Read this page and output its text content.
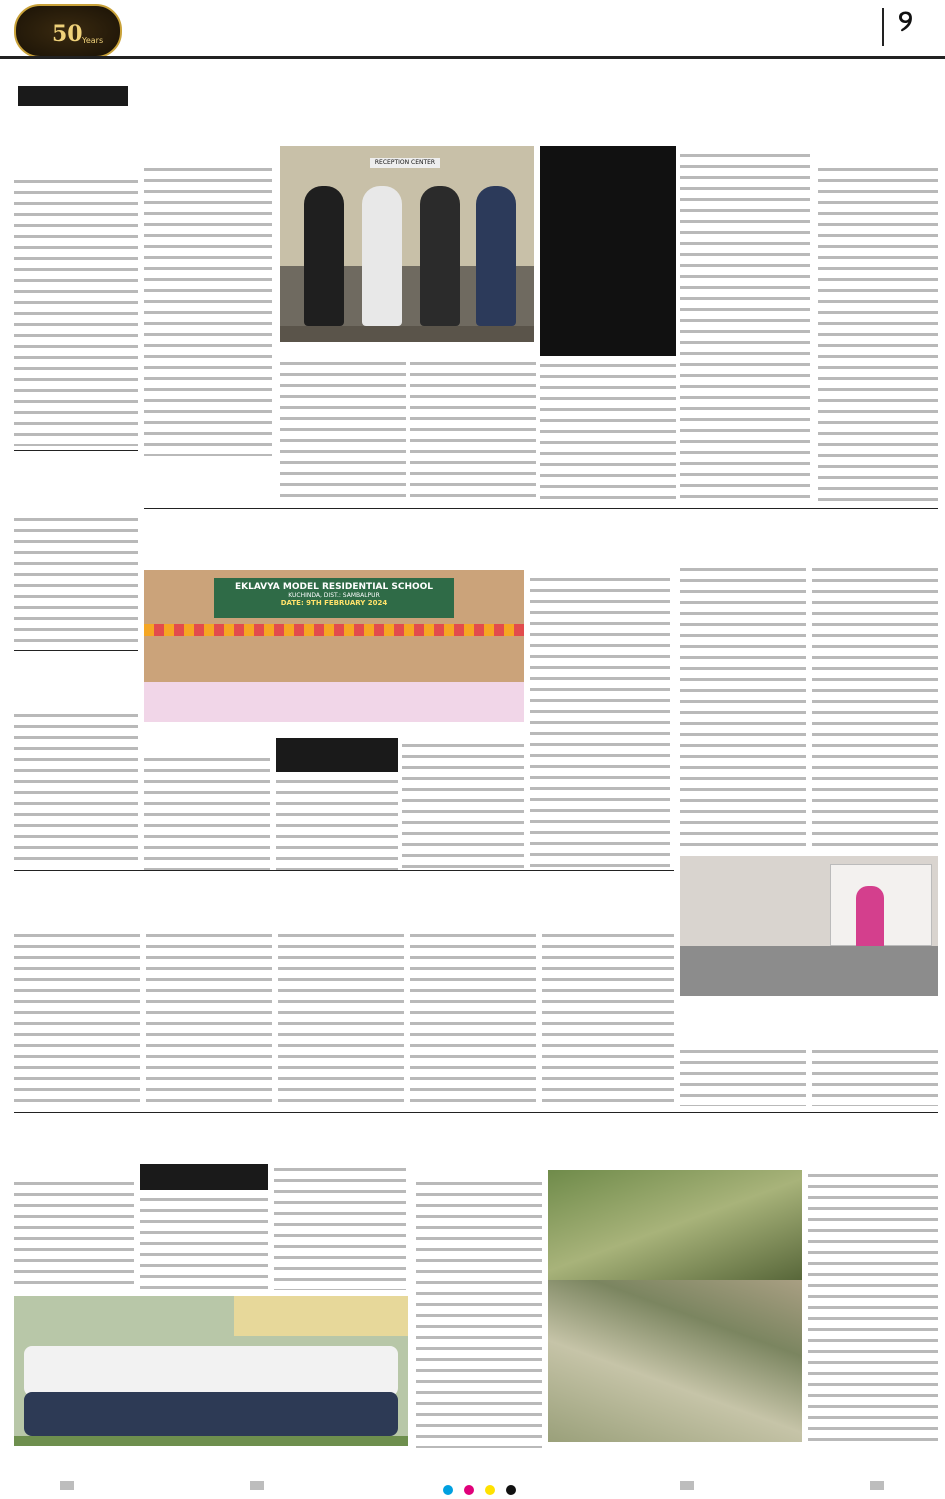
50 Years
୨
RECEPTION CENTER
EKLAVYA MODEL RESIDENTIAL SCHOOL
KUCHINDA, DIST.: SAMBALPUR
DATE: 9TH FEBRUARY 2024
